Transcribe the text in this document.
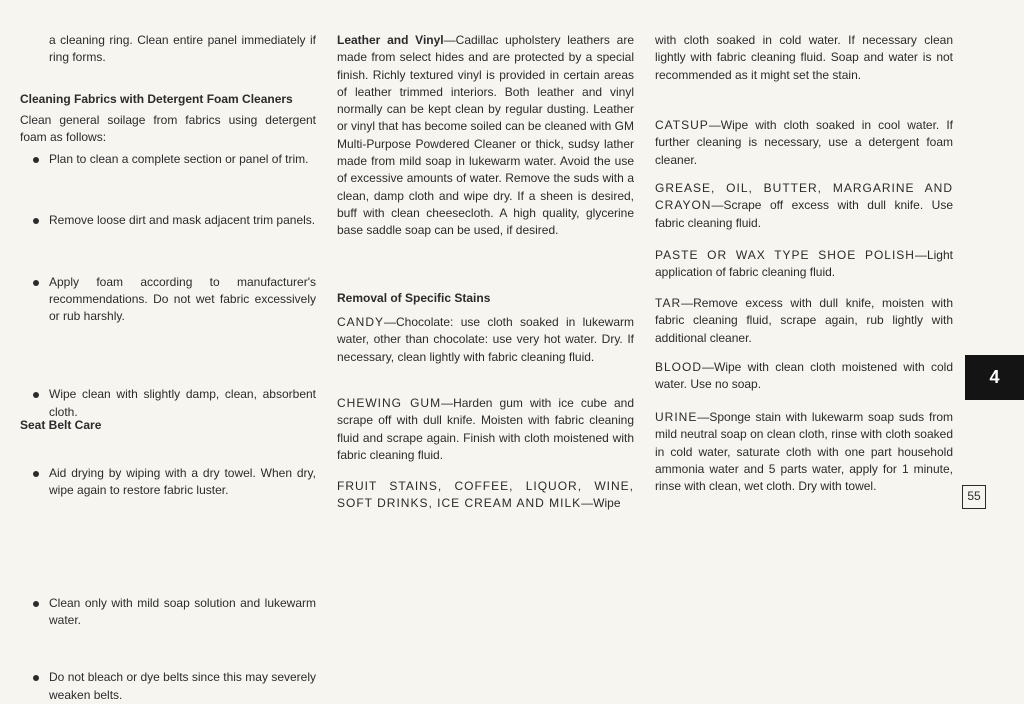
a cleaning ring. Clean entire panel immediately if ring forms.
Cleaning Fabrics with Detergent Foam Cleaners
Clean general soilage from fabrics using detergent foam as follows:
Plan to clean a complete section or panel of trim.
Remove loose dirt and mask adjacent trim panels.
Apply foam according to manufacturer's recommendations. Do not wet fabric excessively or rub harshly.
Wipe clean with slightly damp, clean, absorbent cloth.
Aid drying by wiping with a dry towel. When dry, wipe again to restore fabric luster.
Seat Belt Care
Clean only with mild soap solution and lukewarm water.
Do not bleach or dye belts since this may severely weaken belts.
Leather and Vinyl—Cadillac upholstery leathers are made from select hides and are protected by a special finish. Richly textured vinyl is provided in certain areas of leather trimmed interiors. Both leather and vinyl normally can be kept clean by regular dusting. Leather or vinyl that has become soiled can be cleaned with GM Multi-Purpose Powdered Cleaner or thick, sudsy lather made from mild soap in lukewarm water. Avoid the use of excessive amounts of water. Remove the suds with a clean, damp cloth and wipe dry. If a sheen is desired, buff with clean cheesecloth. A high quality, glycerine base saddle soap can be used, if desired.
Removal of Specific Stains
CANDY—Chocolate: use cloth soaked in lukewarm water, other than chocolate: use very hot water. Dry. If necessary, clean lightly with fabric cleaning fluid.
CHEWING GUM—Harden gum with ice cube and scrape off with dull knife. Moisten with fabric cleaning fluid and scrape again. Finish with cloth moistened with fabric cleaning fluid.
FRUIT STAINS, COFFEE, LIQUOR, WINE, SOFT DRINKS, ICE CREAM AND MILK—Wipe
with cloth soaked in cold water. If necessary clean lightly with fabric cleaning fluid. Soap and water is not recommended as it might set the stain.
CATSUP—Wipe with cloth soaked in cool water. If further cleaning is necessary, use a detergent foam cleaner.
GREASE, OIL, BUTTER, MARGARINE AND CRAYON—Scrape off excess with dull knife. Use fabric cleaning fluid.
PASTE OR WAX TYPE SHOE POLISH—Light application of fabric cleaning fluid.
TAR—Remove excess with dull knife, moisten with fabric cleaning fluid, scrape again, rub lightly with additional cleaner.
BLOOD—Wipe with clean cloth moistened with cold water. Use no soap.
URINE—Sponge stain with lukewarm soap suds from mild neutral soap on clean cloth, rinse with cloth soaked in cold water, saturate cloth with one part household ammonia water and 5 parts water, apply for 1 minute, rinse with clean, wet cloth. Dry with towel.
4
55
